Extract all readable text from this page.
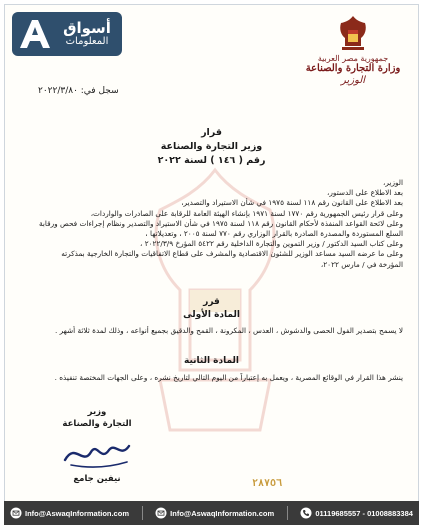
أسواق
المعلومات
جمهورية مصر العربية
وزارة التجارة والصناعة
الوزير
سجل في: ٢٠٢٢/٣/٨٠
قرار
وزير التجارة والصناعة
رقم ( ١٤٦ ) لسنة ٢٠٢٢

الوزير،

بعد الاطلاع على الدستور،

بعد الاطلاع على القانون رقم ١١٨ لسنة ١٩٧٥ في شأن الاستيراد والتصدير،

وعلى قرار رئيس الجمهورية رقم ١٧٧٠ لسنة ١٩٧١ بإنشاء الهيئة العامة للرقابة على الصادرات والواردات،

وعلى لائحة القواعد المنفذة لأحكام القانون رقم ١١٨ لسنة ١٩٧٥ في شأن الاستيراد والتصدير ونظام إجراءات فحص ورقابة

السلع المستوردة والمصدرة الصادرة بالقرار الوزاري رقم ٧٧٠ لسنة ٢٠٠٥ ، وتعديلاتها ،

وعلى كتاب السيد الدكتور / وزير التموين والتجارة الداخلية رقم ٥٤٢٢ المؤرخ ٢٠٢٢/٣/٩ ،

وعلى ما عرضه السيد مساعد الوزير للشئون الاقتصادية والمشرف على قطاع الاتفاقيات والتجارة الخارجية بمذكرته

المؤرخة في / مارس ٢٠٢٢،

قرر
المادة الأولى
لا يسمح بتصدير الفول الحصى والدشوش ، العدس ، المكرونة ، القمح والدقيق بجميع أنواعه ، وذلك لمدة ثلاثة أشهر .
المادة الثانية
ينشر هذا القرار في الوقائع المصرية ، ويعمل به إعتباراً من اليوم التالي لتاريخ نشره ، وعلى الجهات المختصة تنفيذه .
وزير
التجارة والصناعة
نيفين جامع	٢٨٧٥٦
Info@AswaqInformation.com	Info@AswaqInformation.com	01119685557 - 01008883384
